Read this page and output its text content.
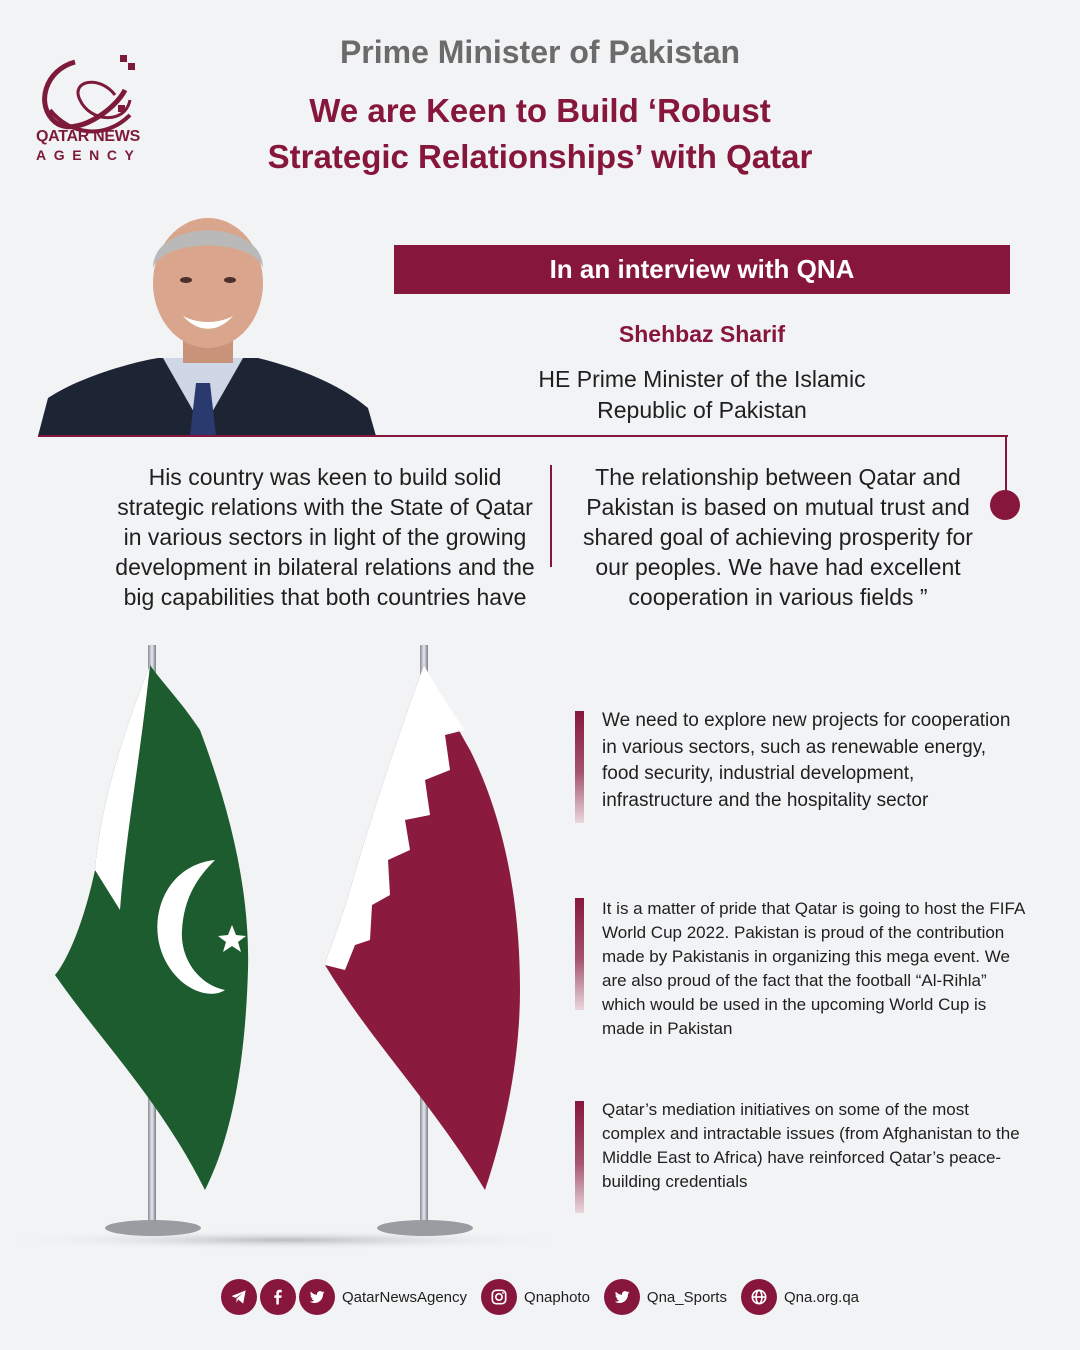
QATAR NEWS
AGENCY
Prime Minister of Pakistan
We are Keen to Build ‘Robust
Strategic Relationships’ with Qatar
In an interview with QNA
Shehbaz Sharif
HE Prime Minister of the Islamic
Republic of Pakistan
His country was keen to build solid strategic relations with the State of Qatar in various sectors in light of the growing development in bilateral relations and the big capabilities that both countries have
The relationship between Qatar and Pakistan is based on mutual trust and shared goal of achieving prosperity for our peoples. We have had excellent cooperation in various fields ”
We need to explore new projects for cooperation in various sectors, such as renewable energy, food security, industrial development, infrastructure and the hospitality sector
It is a matter of pride that Qatar is going to host the FIFA World Cup 2022. Pakistan is proud of the contribution made by Pakistanis in organizing this mega event. We are also proud of the fact that the football “Al-Rihla” which would be used in the upcoming World Cup is made in Pakistan
Qatar’s mediation initiatives on some of the most complex and intractable issues (from Afghanistan to the Middle East to Africa) have reinforced Qatar’s peace-building credentials
QatarNewsAgency	Qnaphoto	Qna_Sports	Qna.org.qa
